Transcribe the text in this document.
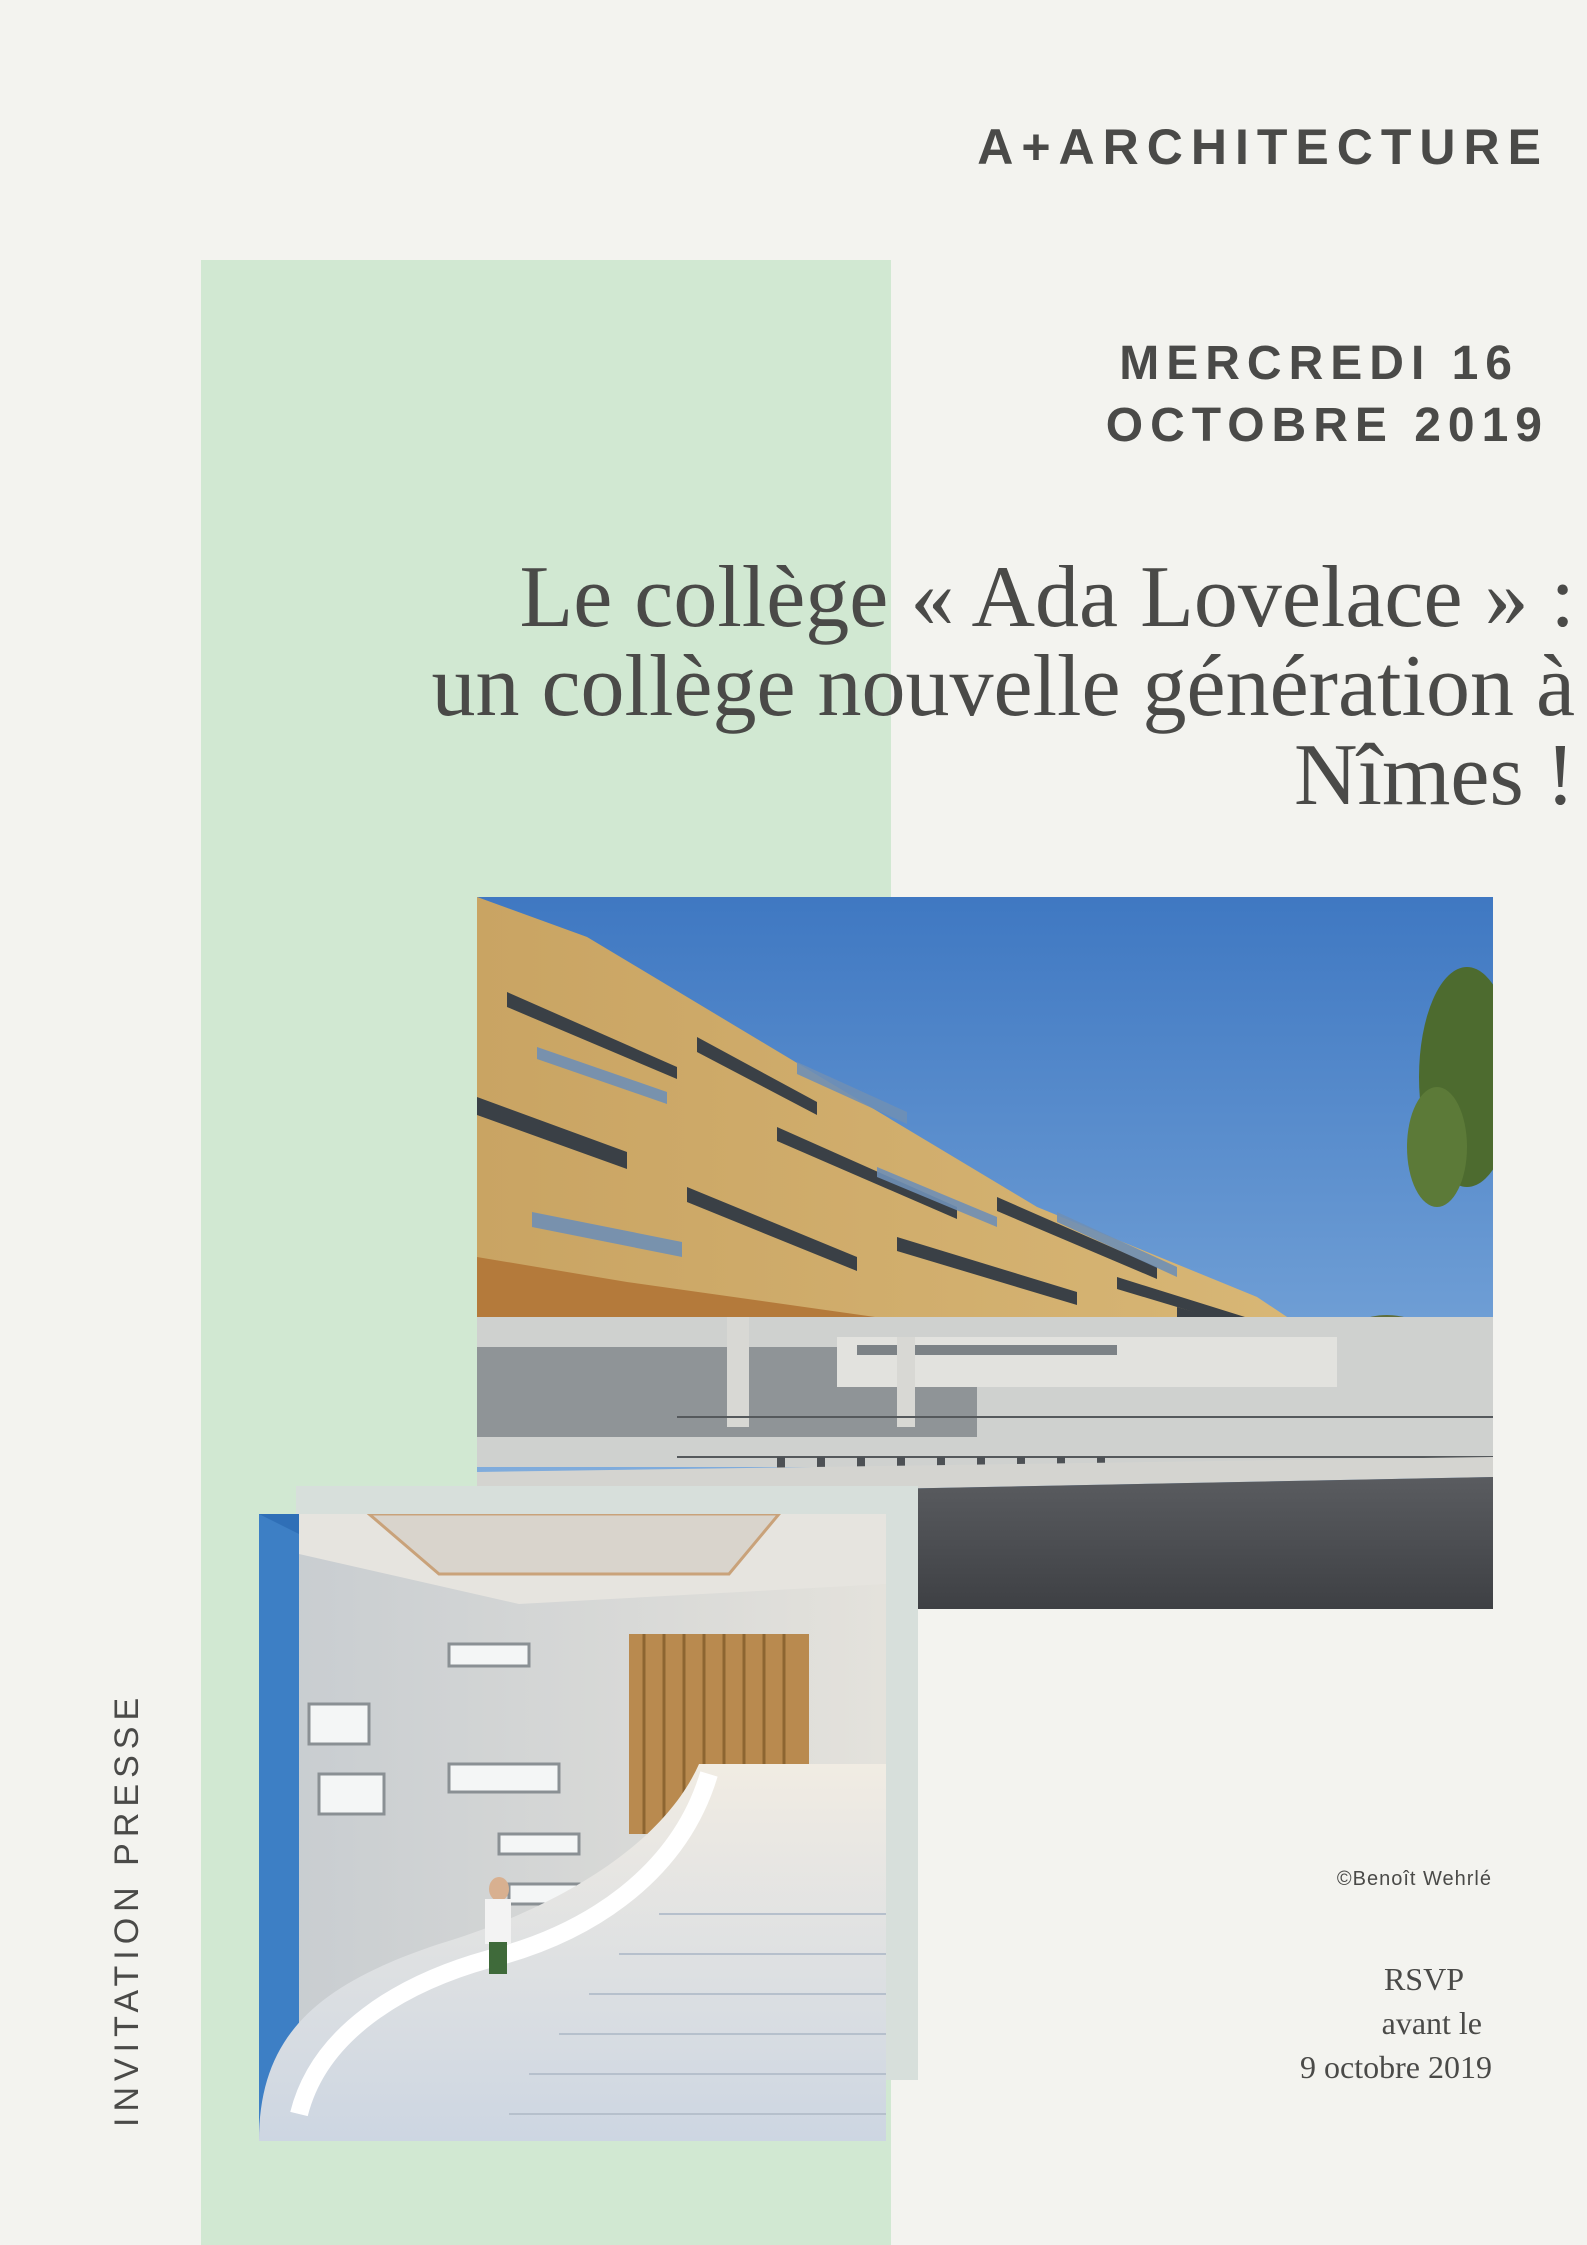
A+ARCHITECTURE
MERCREDI 16
OCTOBRE 2019
Le collège « Ada Lovelace » :
un collège nouvelle génération à
Nîmes !
INVITATION PRESSE	©Benoît Wehrlé
RSVP
avant le
9 octobre 2019
